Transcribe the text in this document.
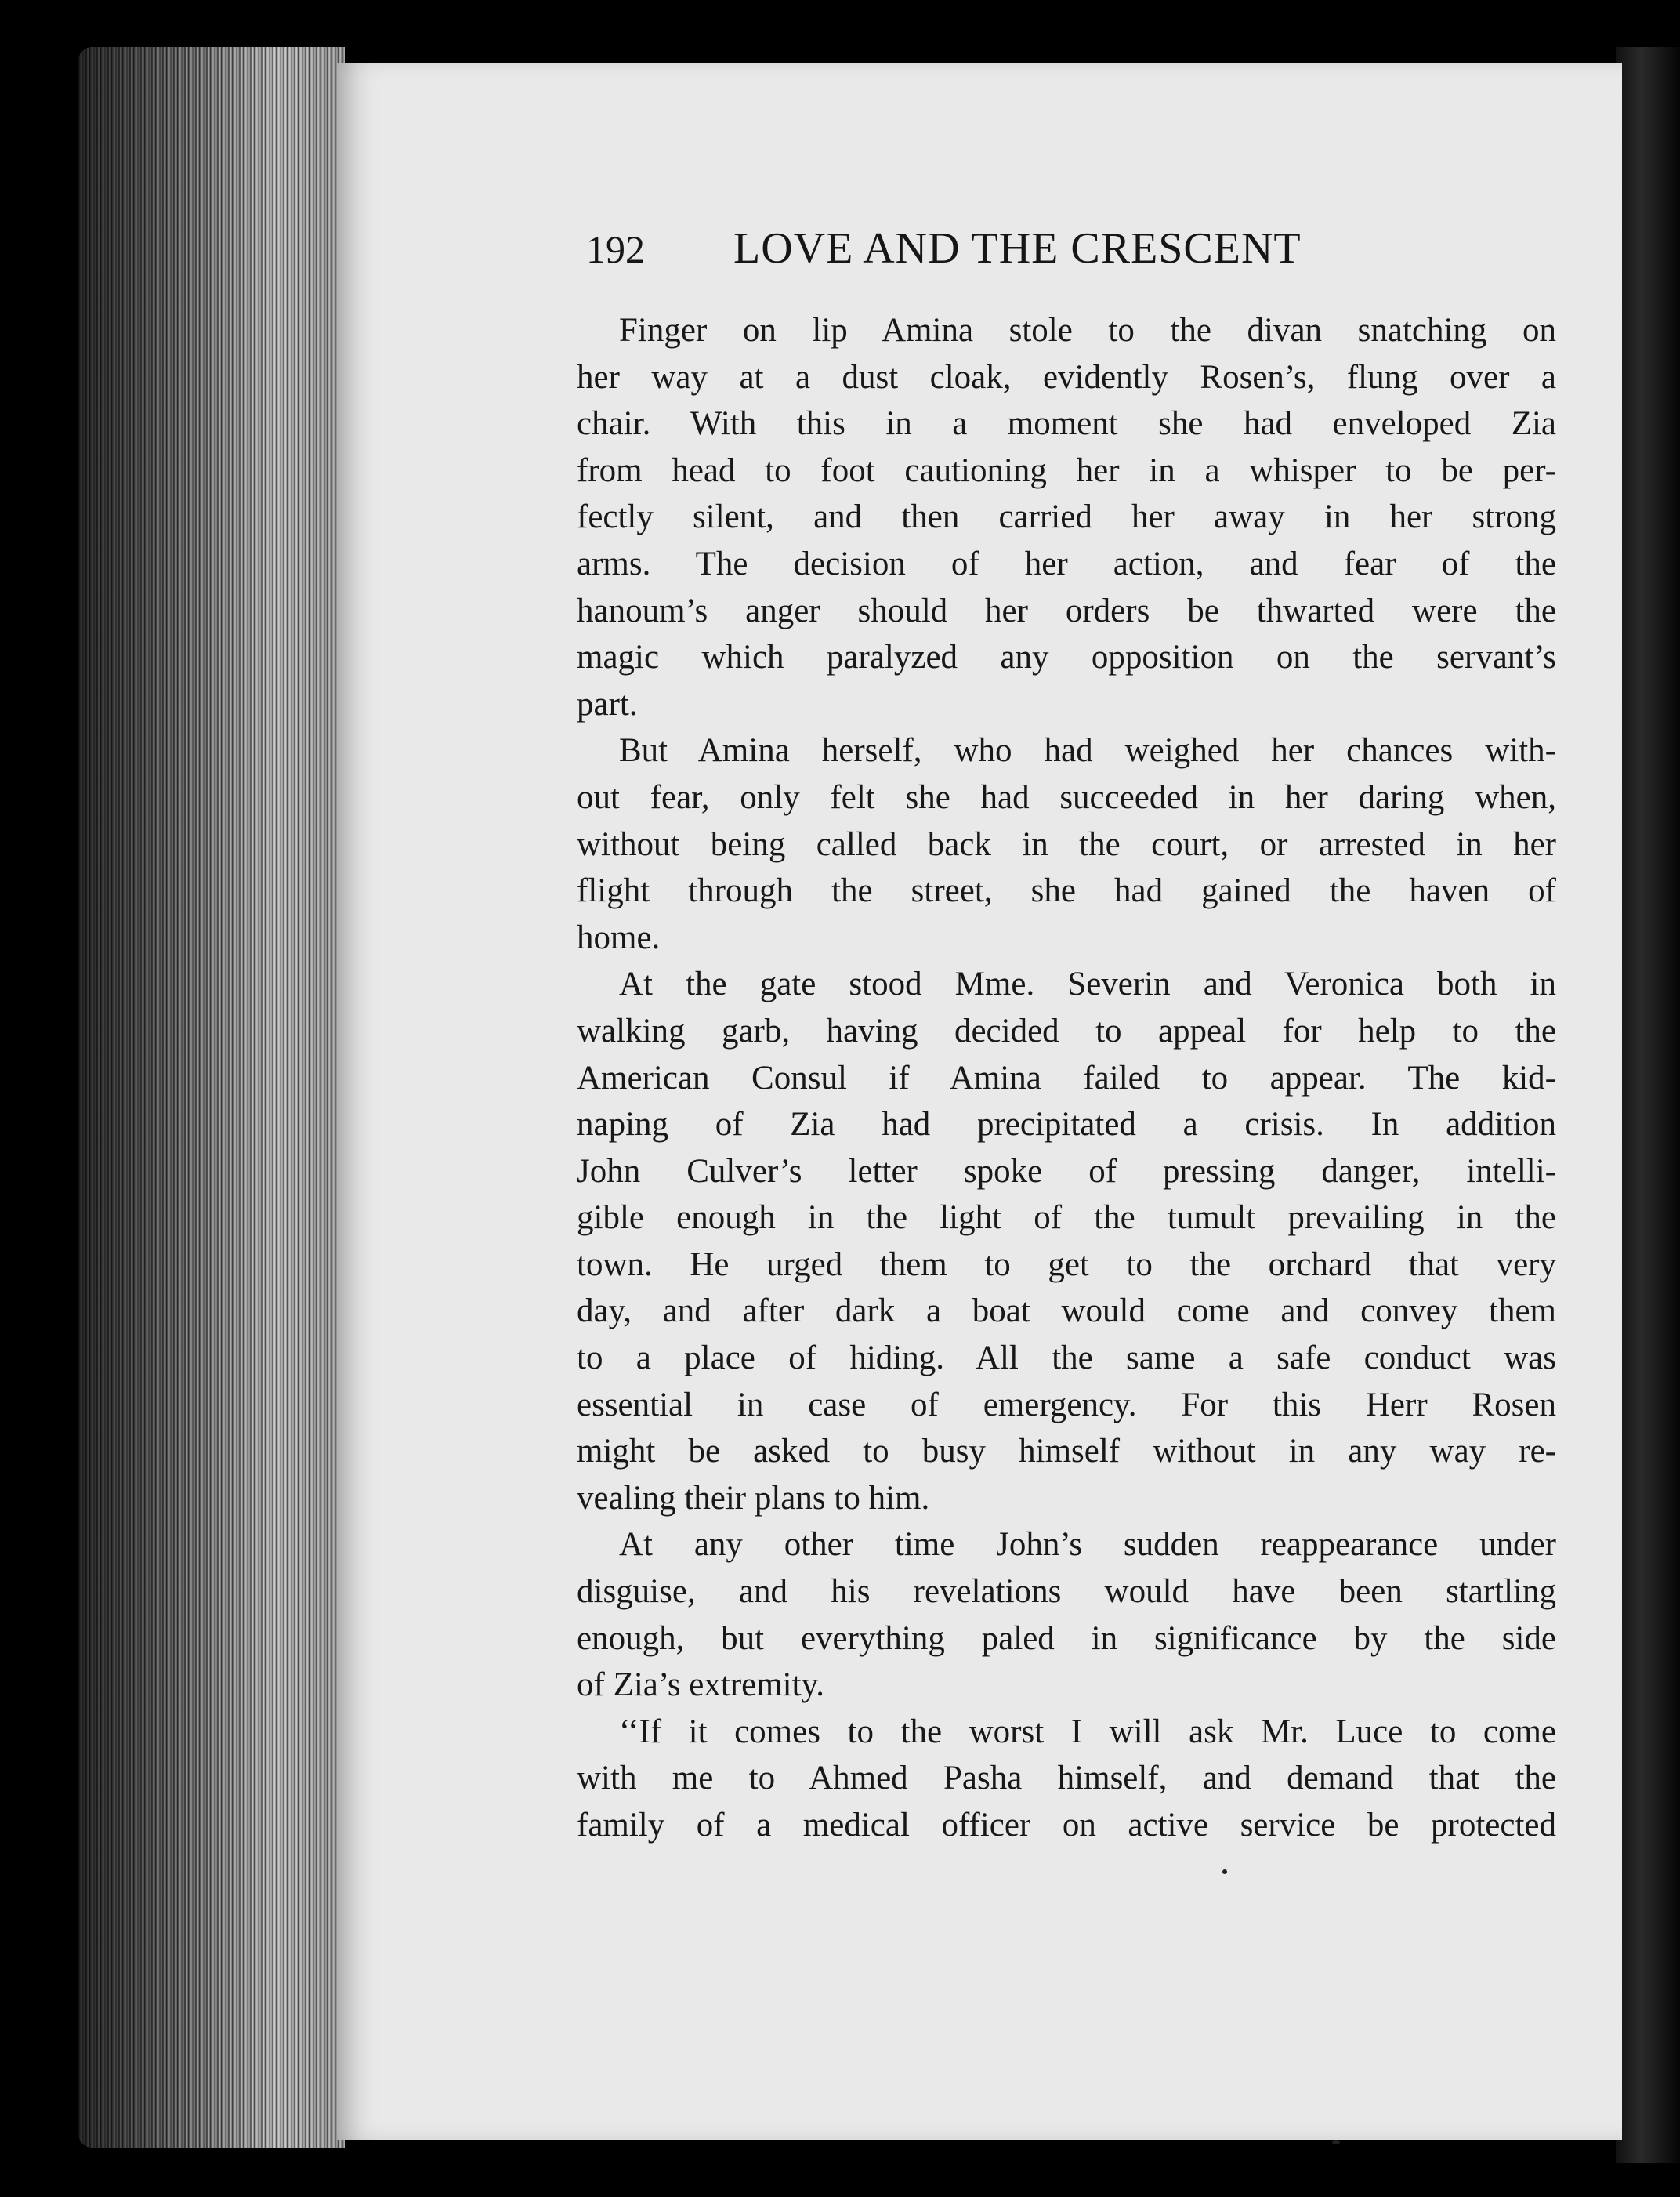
192 LOVE AND THE CRESCENT
Finger on lip Amina stole to the divan snatching on
her way at a dust cloak, evidently Rosen’s, flung over a
chair. With this in a moment she had enveloped Zia
from head to foot cautioning her in a whisper to be per-
fectly silent, and then carried her away in her strong
arms. The decision of her action, and fear of the
hanoum’s anger should her orders be thwarted were the
magic which paralyzed any opposition on the servant’s
part.
But Amina herself, who had weighed her chances with-
out fear, only felt she had succeeded in her daring when,
without being called back in the court, or arrested in her
flight through the street, she had gained the haven of
home.
At the gate stood Mme. Severin and Veronica both in
walking garb, having decided to appeal for help to the
American Consul if Amina failed to appear. The kid-
naping of Zia had precipitated a crisis. In addition
John Culver’s letter spoke of pressing danger, intelli-
gible enough in the light of the tumult prevailing in the
town. He urged them to get to the orchard that very
day, and after dark a boat would come and convey them
to a place of hiding. All the same a safe conduct was
essential in case of emergency. For this Herr Rosen
might be asked to busy himself without in any way re-
vealing their plans to him.
At any other time John’s sudden reappearance under
disguise, and his revelations would have been startling
enough, but everything paled in significance by the side
of Zia’s extremity.
‘‘If it comes to the worst I will ask Mr. Luce to come
with me to Ahmed Pasha himself, and demand that the
family of a medical officer on active service be protected
